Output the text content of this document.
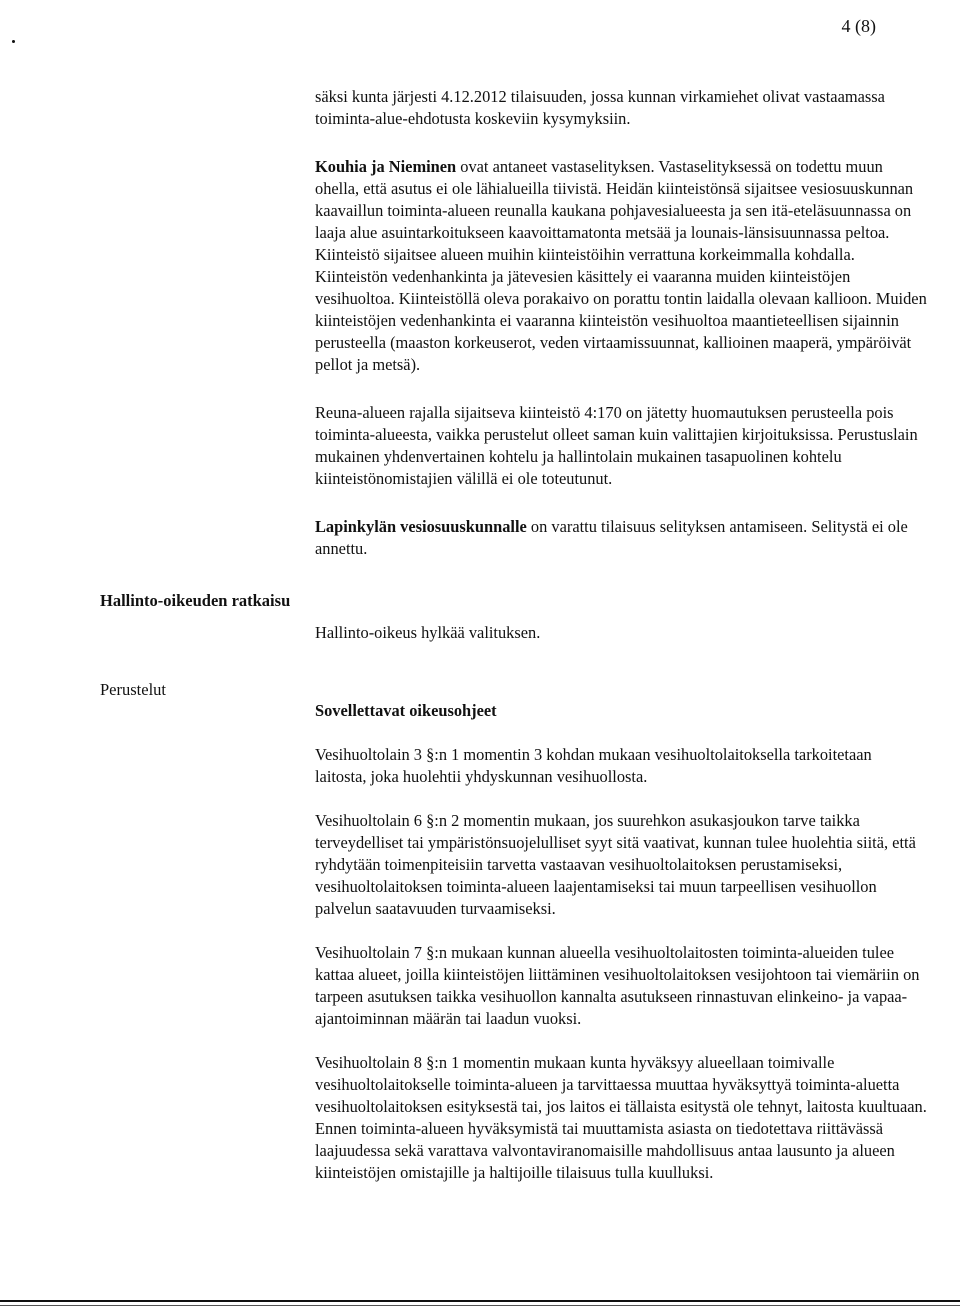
4 (8)
Hallinto-oikeuden ratkaisu
Perustelut

säksi kunta järjesti 4.12.2012 tilaisuuden, jossa kunnan virkamiehet olivat vastaamassa toiminta-alue-ehdotusta koskeviin kysymyksiin.

Kouhia ja Nieminen ovat antaneet vastaselityksen. Vastaselityksessä on todettu muun ohella, että asutus ei ole lähialueilla tiivistä. Heidän kiinteistönsä sijaitsee vesiosuuskunnan kaavaillun toiminta-alueen reunalla kaukana pohjavesialueesta ja sen itä-eteläsuunnassa on laaja alue asuintarkoitukseen kaavoittamatonta metsää ja lounais-länsisuunnassa peltoa. Kiinteistö sijaitsee alueen muihin kiinteistöihin verrattuna korkeimmalla kohdalla. Kiinteistön vedenhankinta ja jätevesien käsittely ei vaaranna muiden kiinteistöjen vesihuoltoa. Kiinteistöllä oleva porakaivo on porattu tontin laidalla olevaan kallioon. Muiden kiinteistöjen vedenhankinta ei vaaranna kiinteistön vesihuoltoa maantieteellisen sijainnin perusteella (maaston korkeuserot, veden virtaamissuunnat, kallioinen maaperä, ympäröivät pellot ja metsä).

Reuna-alueen rajalla sijaitseva kiinteistö 4:170 on jätetty huomautuksen perusteella pois toiminta-alueesta, vaikka perustelut olleet saman kuin valittajien kirjoituksissa. Perustuslain mukainen yhdenvertainen kohtelu ja hallintolain mukainen tasapuolinen kohtelu kiinteistönomistajien välillä ei ole toteutunut.

Lapinkylän vesiosuuskunnalle on varattu tilaisuus selityksen antamiseen. Selitystä ei ole annettu.

Hallinto-oikeus hylkää valituksen.

Sovellettavat oikeusohjeet

Vesihuoltolain 3 §:n 1 momentin 3 kohdan mukaan vesihuoltolaitoksella tarkoitetaan laitosta, joka huolehtii yhdyskunnan vesihuollosta.

Vesihuoltolain 6 §:n 2 momentin mukaan, jos suurehkon asukasjoukon tarve taikka terveydelliset tai ympäristönsuojelulliset syyt sitä vaativat, kunnan tulee huolehtia siitä, että ryhdytään toimenpiteisiin tarvetta vastaavan vesihuoltolaitoksen perustamiseksi, vesihuoltolaitoksen toiminta-alueen laajentamiseksi tai muun tarpeellisen vesihuollon palvelun saatavuuden turvaamiseksi.

Vesihuoltolain 7 §:n mukaan kunnan alueella vesihuoltolaitosten toiminta-alueiden tulee kattaa alueet, joilla kiinteistöjen liittäminen vesihuoltolaitoksen vesijohtoon tai viemäriin on tarpeen asutuksen taikka vesihuollon kannalta asutukseen rinnastuvan elinkeino- ja vapaa-ajantoiminnan määrän tai laadun vuoksi.

Vesihuoltolain 8 §:n 1 momentin mukaan kunta hyväksyy alueellaan toimivalle vesihuoltolaitokselle toiminta-alueen ja tarvittaessa muuttaa hyväksyttyä toiminta-aluetta vesihuoltolaitoksen esityksestä tai, jos laitos ei tällaista esitystä ole tehnyt, laitosta kuultuaan. Ennen toiminta-alueen hyväksymistä tai muuttamista asiasta on tiedotettava riittävässä laajuudessa sekä varattava valvontaviranomaisille mahdollisuus antaa lausunto ja alueen kiinteistöjen omistajille ja haltijoille tilaisuus tulla kuulluksi.
